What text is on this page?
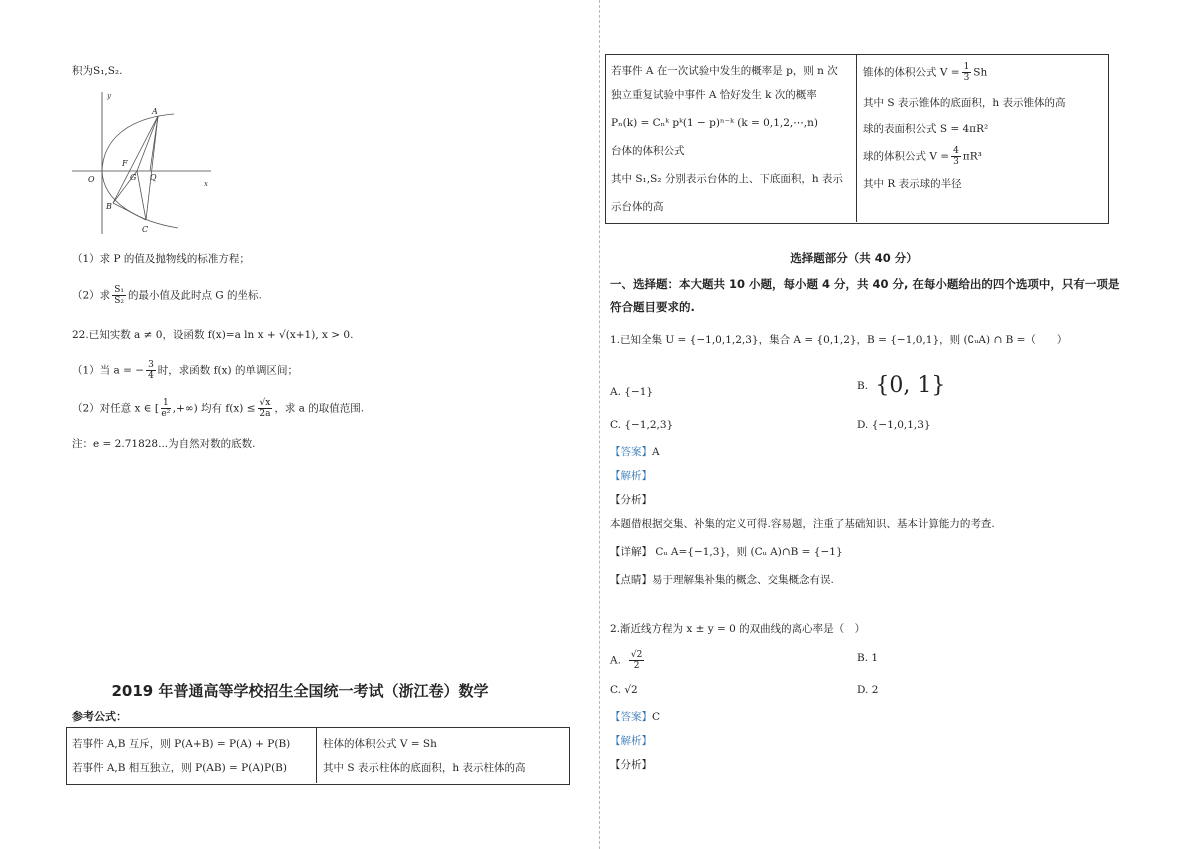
积为S₁,S₂.
y
x
A
O
F
G Q
B
C
（1）求 P 的值及抛物线的标准方程；
（2）求 $\frac{\text{S₁}}{\text{S₂}}$ 的最小值及此时点 G 的坐标.
22.已知实数 a ≠ 0，设函数 f(x)=a ln x + √(x+1), x > 0.
（1）当 a = − $\frac{3}{4}$ 时，求函数 f(x) 的单调区间；
（2）对任意 x ∈ [ $\frac{1}{\text{e²}}$ ,+∞) 均有 $f(x) \le \frac{√x}{2a}$ ，求 a 的取值范围.
注：e = 2.71828...为自然对数的底数.
2019 年普通高等学校招生全国统一考试（浙江卷）数学
参考公式：
若事件 A,B 互斥，则 P(A+B) = P(A) + P(B)	柱体的体积公式 V = Sh
若事件 A,B 相互独立，则 P(AB) = P(A)P(B)	其中 S 表示柱体的底面积，h 表示柱体的高
若事件 A 在一次试验中发生的概率是 p，则 n 次
独立重复试验中事件 A 恰好发生 k 次的概率
Pₙ(k) = Cₙᵏ pᵏ(1 − p)ⁿ⁻ᵏ (k = 0,1,2,⋯,n)
台体的体积公式
其中 S₁,S₂ 分别表示台体的上、下底面积，h 表示
示台体的高
锥体的体积公式 $V = \frac{1}{3}$ Sh
其中 S 表示锥体的底面积，h 表示锥体的高
球的表面积公式 S = 4πR²
球的体积公式 $V = \frac{4}{3} \pi R^3$
其中 R 表示球的半径
选择题部分（共 40 分）
一、选择题：本大题共 10 小题，每小题 4 分，共 40 分, 在每小题给出的四个选项中，只有一项是
符合题目要求的.
1.已知全集 U = {−1,0,1,2,3}，集合 A = {0,1,2}，B = {−1,0,1}，则 (∁ᵤA) ∩ B =（　　）
A. {−1}	B. {0, 1}
C. {−1,2,3}	D. {−1,0,1,3}
【答案】A
【解析】
【分析】
本题借根据交集、补集的定义可得.容易题，注重了基础知识、基本计算能力的考查.
【详解】 Cᵤ A={−1,3}，则 (Cᵤ A)∩B = {−1}
【点睛】易于理解集补集的概念、交集概念有误.
2.渐近线方程为 x ± y = 0 的双曲线的离心率是（　）
A. $\frac{√2}{2}$	B. 1
C. √2	D. 2
【答案】C
【解析】
【分析】
